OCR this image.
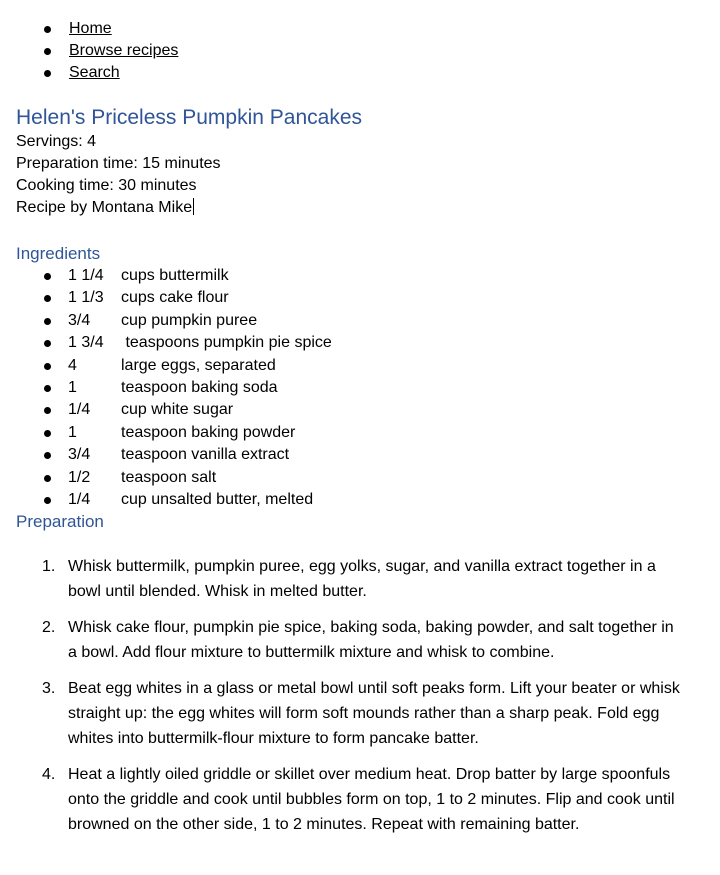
Home
Browse recipes
Search
Helen's Priceless Pumpkin Pancakes
Servings: 4
Preparation time: 15 minutes
Cooking time: 30 minutes
Recipe by Montana Mike
Ingredients
1 1/4 cups buttermilk
1 1/3 cups cake flour
3/4 cup pumpkin puree
1 3/4 teaspoons pumpkin pie spice
4	large eggs, separated
1	teaspoon baking soda
1/4 cup white sugar
1	teaspoon baking powder
3/4 teaspoon vanilla extract
1/2 teaspoon salt
1/4 cup unsalted butter, melted
Preparation
1. Whisk buttermilk, pumpkin puree, egg yolks, sugar, and vanilla extract together in a bowl until blended. Whisk in melted butter.
2. Whisk cake flour, pumpkin pie spice, baking soda, baking powder, and salt together in a bowl. Add flour mixture to buttermilk mixture and whisk to combine.
3. Beat egg whites in a glass or metal bowl until soft peaks form. Lift your beater or whisk straight up: the egg whites will form soft mounds rather than a sharp peak. Fold egg whites into buttermilk-flour mixture to form pancake batter.
4. Heat a lightly oiled griddle or skillet over medium heat. Drop batter by large spoonfuls onto the griddle and cook until bubbles form on top, 1 to 2 minutes. Flip and cook until browned on the other side, 1 to 2 minutes. Repeat with remaining batter.
